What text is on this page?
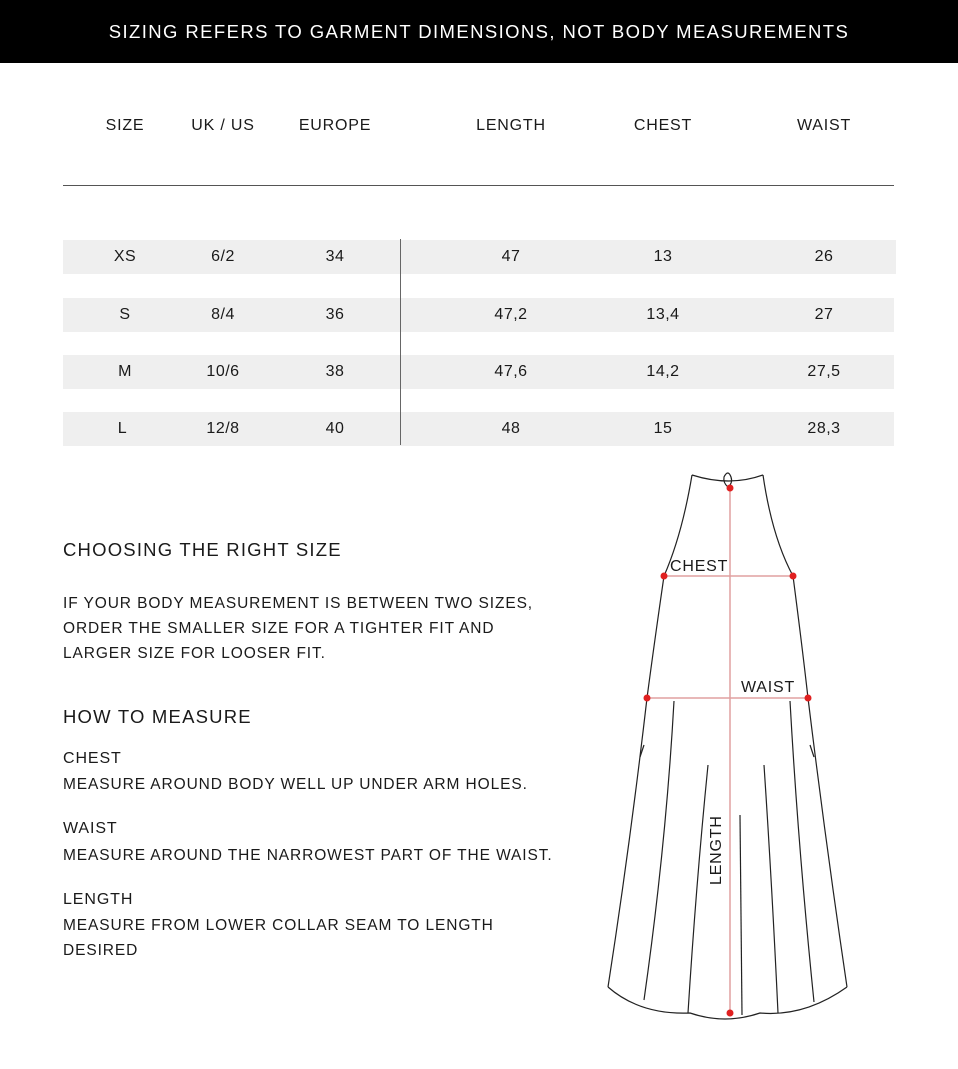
SIZING REFERS TO GARMENT DIMENSIONS, NOT BODY MEASUREMENTS
SIZE	UK / US	EUROPE	LENGTH	CHEST	WAIST
XS	6/2	34	47	13	26
S	8/4	36	47,2	13,4	27
M	10/6	38	47,6	14,2	27,5
L	12/8	40	48	15	28,3
CHOOSING THE RIGHT SIZE

IF YOUR BODY MEASUREMENT IS BETWEEN TWO SIZES,

ORDER THE SMALLER SIZE FOR A TIGHTER FIT AND

LARGER SIZE FOR LOOSER FIT.

HOW TO MEASURE

CHEST

MEASURE AROUND BODY WELL UP UNDER ARM HOLES.

WAIST

MEASURE AROUND THE NARROWEST PART OF THE WAIST.

LENGTH

MEASURE FROM LOWER COLLAR SEAM TO LENGTH

DESIRED

CHEST
WAIST
LENGTH
